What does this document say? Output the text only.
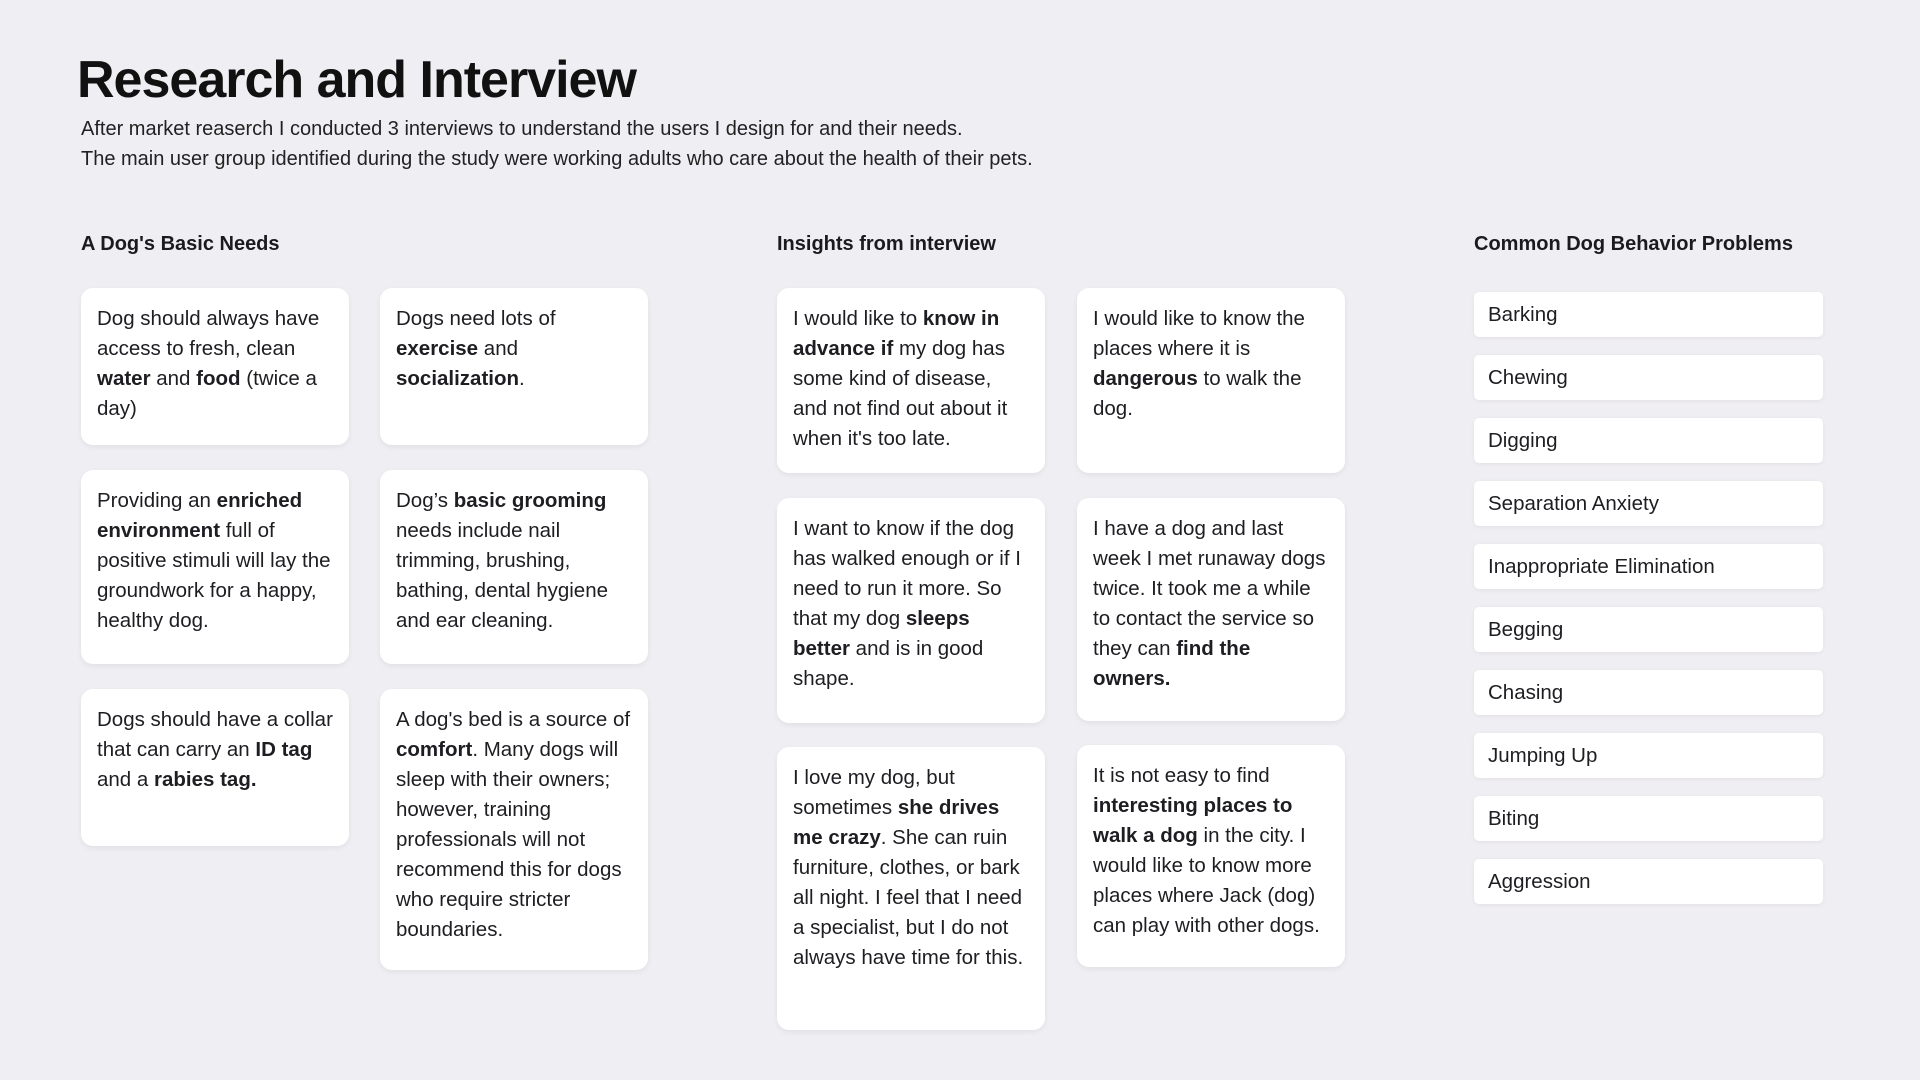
Research and Interview

After market reaserch I conducted 3 interviews to understand the users I design for and their needs.

The main user group identified during the study were working adults who care about the health of their pets.

A Dog's Basic Needs
Dog should always have access to fresh, clean water and food (twice a day)
Dogs need lots of exercise and socialization.
Providing an enriched environment full of positive stimuli will lay the groundwork for a happy, healthy dog.
Dog’s basic grooming needs include nail trimming, brushing, bathing, dental hygiene and ear cleaning.
Dogs should have a collar that can carry an ID tag and a rabies tag.
A dog's bed is a source of comfort. Many dogs will sleep with their owners; however, training professionals will not recommend this for dogs who require stricter boundaries.
Insights from interview
I would like to know in advance if my dog has some kind of disease, and not find out about it when it's too late.
I would like to know the places where it is dangerous to walk the dog.
I want to know if the dog has walked enough or if I need to run it more. So that my dog sleeps better and is in good shape.
I have a dog and last week I met runaway dogs twice. It took me a while to contact the service so they can find the owners.
I love my dog, but sometimes she drives me crazy. She can ruin furniture, clothes, or bark all night. I feel that I need a specialist, but I do not always have time for this.
It is not easy to find interesting places to walk a dog in the city. I would like to know more places where Jack (dog) can play with other dogs.
Common Dog Behavior Problems
Barking
Chewing
Digging
Separation Anxiety
Inappropriate Elimination
Begging
Chasing
Jumping Up
Biting
Aggression
